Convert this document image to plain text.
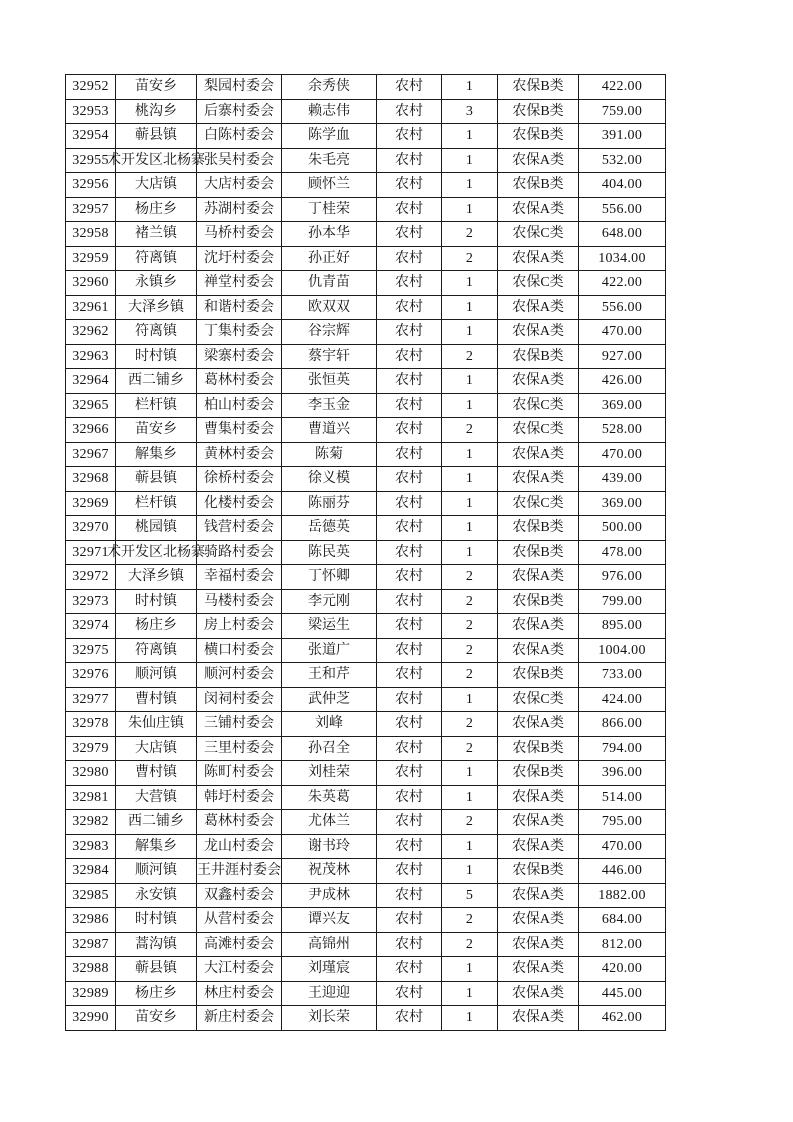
32952	苗安乡	梨园村委会	余秀侠	农村	1	农保B类	422.00

32953	桃沟乡	后寨村委会	赖志伟	农村	3	农保B类	759.00

32954	蕲县镇	白陈村委会	陈学血	农村	1	农保B类	391.00

32955	术开发区北杨寨	张吴村委会	朱毛亮	农村	1	农保A类	532.00

32956	大店镇	大店村委会	顾怀兰	农村	1	农保B类	404.00

32957	杨庄乡	苏湖村委会	丁桂荣	农村	1	农保A类	556.00

32958	褚兰镇	马桥村委会	孙本华	农村	2	农保C类	648.00

32959	符离镇	沈圩村委会	孙正好	农村	2	农保A类	1034.00

32960	永镇乡	禅堂村委会	仇青苗	农村	1	农保C类	422.00

32961	大泽乡镇	和谐村委会	欧双双	农村	1	农保A类	556.00

32962	符离镇	丁集村委会	谷宗辉	农村	1	农保A类	470.00

32963	时村镇	梁寨村委会	蔡宇轩	农村	2	农保B类	927.00

32964	西二铺乡	葛林村委会	张恒英	农村	1	农保A类	426.00

32965	栏杆镇	柏山村委会	李玉金	农村	1	农保C类	369.00

32966	苗安乡	曹集村委会	曹道兴	农村	2	农保C类	528.00

32967	解集乡	黄林村委会	陈菊	农村	1	农保A类	470.00

32968	蕲县镇	徐桥村委会	徐义模	农村	1	农保A类	439.00

32969	栏杆镇	化楼村委会	陈丽芬	农村	1	农保C类	369.00

32970	桃园镇	钱营村委会	岳德英	农村	1	农保B类	500.00

32971	术开发区北杨寨	骑路村委会	陈民英	农村	1	农保B类	478.00

32972	大泽乡镇	幸福村委会	丁怀卿	农村	2	农保A类	976.00

32973	时村镇	马楼村委会	李元刚	农村	2	农保B类	799.00

32974	杨庄乡	房上村委会	梁运生	农村	2	农保A类	895.00

32975	符离镇	横口村委会	张道广	农村	2	农保A类	1004.00

32976	顺河镇	顺河村委会	王和芹	农村	2	农保B类	733.00

32977	曹村镇	闵祠村委会	武仲芝	农村	1	农保C类	424.00

32978	朱仙庄镇	三铺村委会	刘峰	农村	2	农保A类	866.00

32979	大店镇	三里村委会	孙召全	农村	2	农保B类	794.00

32980	曹村镇	陈町村委会	刘桂荣	农村	1	农保B类	396.00

32981	大营镇	韩圩村委会	朱英葛	农村	1	农保A类	514.00

32982	西二铺乡	葛林村委会	尤体兰	农村	2	农保A类	795.00

32983	解集乡	龙山村委会	谢书玲	农村	1	农保A类	470.00

32984	顺河镇	王井涯村委会	祝茂林	农村	1	农保B类	446.00

32985	永安镇	双鑫村委会	尹成林	农村	5	农保A类	1882.00

32986	时村镇	从营村委会	谭兴友	农村	2	农保A类	684.00

32987	蒿沟镇	高滩村委会	高锦州	农村	2	农保A类	812.00

32988	蕲县镇	大江村委会	刘瑾宸	农村	1	农保A类	420.00

32989	杨庄乡	林庄村委会	王迎迎	农村	1	农保A类	445.00

32990	苗安乡	新庄村委会	刘长荣	农村	1	农保A类	462.00
